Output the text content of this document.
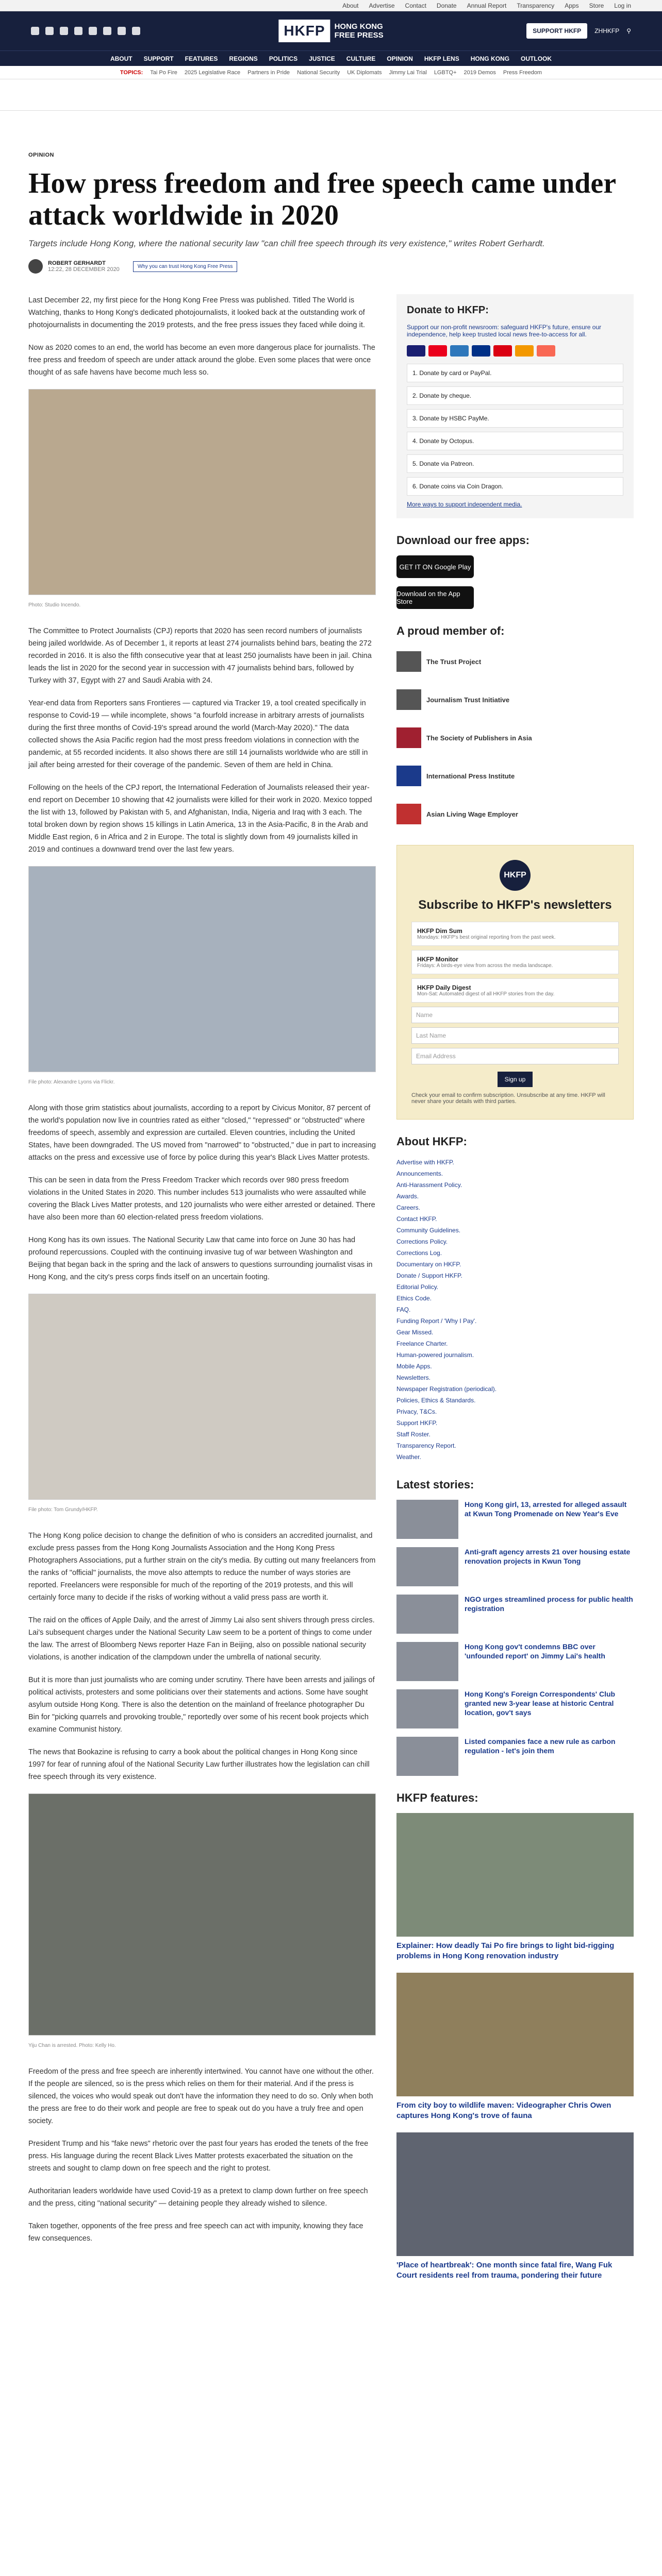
About Advertise Contact Donate Annual Report Transparency Apps Store Log in
HKFP	HONG KONG
FREE PRESS	SUPPORT HKFP	ZHHKFP ⚲
ABOUT SUPPORT FEATURES REGIONS POLITICS JUSTICE CULTURE OPINION HKFP LENS HONG KONG OUTLOOK
TOPICS: Tai Po Fire 2025 Legislative Race Partners in Pride National Security UK Diplomats Jimmy Lai Trial LGBTQ+ 2019 Demos Press Freedom
OPINION
How press freedom and free speech came under attack worldwide in 2020
Targets include Hong Kong, where the national security law "can chill free speech through its very existence," writes Robert Gerhardt.
ROBERT GERHARDT
12:22, 28 DECEMBER 2020	Why you can trust Hong Kong Free Press

Last December 22, my first piece for the Hong Kong Free Press was published. Titled The World is Watching, thanks to Hong Kong's dedicated photojournalists, it looked back at the outstanding work of photojournalists in documenting the 2019 protests, and the free press issues they faced while doing it.

Now as 2020 comes to an end, the world has become an even more dangerous place for journalists. The free press and freedom of speech are under attack around the globe. Even some places that were once thought of as safe havens have become much less so.

Photo: Studio Incendo.

The Committee to Protect Journalists (CPJ) reports that 2020 has seen record numbers of journalists being jailed worldwide. As of December 1, it reports at least 274 journalists behind bars, beating the 272 recorded in 2016. It is also the fifth consecutive year that at least 250 journalists have been in jail. China leads the list in 2020 for the second year in succession with 47 journalists behind bars, followed by Turkey with 37, Egypt with 27 and Saudi Arabia with 24.

Year-end data from Reporters sans Frontieres — captured via Tracker 19, a tool created specifically in response to Covid-19 — while incomplete, shows "a fourfold increase in arbitrary arrests of journalists during the first three months of Covid-19's spread around the world (March-May 2020)." The data collected shows the Asia Pacific region had the most press freedom violations in connection with the pandemic, at 55 recorded incidents. It also shows there are still 14 journalists worldwide who are still in jail after being arrested for their coverage of the pandemic. Seven of them are held in China.

Following on the heels of the CPJ report, the International Federation of Journalists released their year-end report on December 10 showing that 42 journalists were killed for their work in 2020. Mexico topped the list with 13, followed by Pakistan with 5, and Afghanistan, India, Nigeria and Iraq with 3 each. The total broken down by region shows 15 killings in Latin America, 13 in the Asia-Pacific, 8 in the Arab and Middle East region, 6 in Africa and 2 in Europe. The total is slightly down from 49 journalists killed in 2019 and continues a downward trend over the last few years.

File photo: Alexandre Lyons via Flickr.

Along with those grim statistics about journalists, according to a report by Civicus Monitor, 87 percent of the world's population now live in countries rated as either "closed," "repressed" or "obstructed" where freedoms of speech, assembly and expression are curtailed. Eleven countries, including the United States, have been downgraded. The US moved from "narrowed" to "obstructed," due in part to increasing attacks on the press and excessive use of force by police during this year's Black Lives Matter protests.

This can be seen in data from the Press Freedom Tracker which records over 980 press freedom violations in the United States in 2020. This number includes 513 journalists who were assaulted while covering the Black Lives Matter protests, and 120 journalists who were either arrested or detained. There have also been more than 60 election-related press freedom violations.

Hong Kong has its own issues. The National Security Law that came into force on June 30 has had profound repercussions. Coupled with the continuing invasive tug of war between Washington and Beijing that began back in the spring and the lack of answers to questions surrounding journalist visas in Hong Kong, and the city's press corps finds itself on an uncertain footing.

File photo: Tom Grundy/HKFP.

The Hong Kong police decision to change the definition of who is considers an accredited journalist, and exclude press passes from the Hong Kong Journalists Association and the Hong Kong Press Photographers Associations, put a further strain on the city's media. By cutting out many freelancers from the ranks of "official" journalists, the move also attempts to reduce the number of ways stories are reported. Freelancers were responsible for much of the reporting of the 2019 protests, and this will certainly force many to decide if the risks of working without a valid press pass are worth it.

The raid on the offices of Apple Daily, and the arrest of Jimmy Lai also sent shivers through press circles. Lai's subsequent charges under the National Security Law seem to be a portent of things to come under the law. The arrest of Bloomberg News reporter Haze Fan in Beijing, also on possible national security violations, is another indication of the clampdown under the umbrella of national security.

But it is more than just journalists who are coming under scrutiny. There have been arrests and jailings of political activists, protesters and some politicians over their statements and actions. Some have sought asylum outside Hong Kong. There is also the detention on the mainland of freelance photographer Du Bin for "picking quarrels and provoking trouble," reportedly over some of his recent book projects which examine Communist history.

The news that Bookazine is refusing to carry a book about the political changes in Hong Kong since 1997 for fear of running afoul of the National Security Law further illustrates how the legislation can chill free speech through its very existence.

Yiju Chan is arrested. Photo: Kelly Ho.

Freedom of the press and free speech are inherently intertwined. You cannot have one without the other. If the people are silenced, so is the press which relies on them for their material. And if the press is silenced, the voices who would speak out don't have the information they need to do so. Only when both the press are free to do their work and people are free to speak out do you have a truly free and open society.

President Trump and his "fake news" rhetoric over the past four years has eroded the tenets of the free press. His language during the recent Black Lives Matter protests exacerbated the situation on the streets and sought to clamp down on free speech and the right to protest.

Authoritarian leaders worldwide have used Covid-19 as a pretext to clamp down further on free speech and the press, citing "national security" — detaining people they already wished to silence.

Taken together, opponents of the free press and free speech can act with impunity, knowing they face few consequences.

Donate to HKFP:
Support our non-profit newsroom: safeguard HKFP's future, ensure our independence, help keep trusted local news free-to-access for all.
1. Donate by card or PayPal.
2. Donate by cheque.
3. Donate by HSBC PayMe.
4. Donate by Octopus.
5. Donate via Patreon.
6. Donate coins via Coin Dragon.
More ways to support independent media.
Download our free apps:
GET IT ON Google Play
Download on the App Store
A proud member of:
The Trust Project
Journalism Trust Initiative
The Society of Publishers in Asia
International Press Institute
Asian Living Wage Employer
HKFP
Subscribe to HKFP's newsletters
HKFP Dim Sum
Mondays: HKFP's best original reporting from the past week.
HKFP Monitor
Fridays: A birds-eye view from across the media landscape.
HKFP Daily Digest
Mon-Sat: Automated digest of all HKFP stories from the day.
Name
Last Name
Email Address
Sign up
Check your email to confirm subscription. Unsubscribe at any time. HKFP will never share your details with third parties.
About HKFP:
Advertise with HKFP.
Announcements.
Anti-Harassment Policy.
Awards.
Careers.
Contact HKFP.
Community Guidelines.
Corrections Policy.
Corrections Log.
Documentary on HKFP.
Donate / Support HKFP.
Editorial Policy.
Ethics Code.
FAQ.
Funding Report / 'Why I Pay'.
Gear Missed.
Freelance Charter.
Human-powered journalism.
Mobile Apps.
Newsletters.
Newspaper Registration (periodical).
Policies, Ethics & Standards.
Privacy, T&Cs.
Support HKFP.
Staff Roster.
Transparency Report.
Weather.
Latest stories:
Hong Kong girl, 13, arrested for alleged assault at Kwun Tong Promenade on New Year's Eve
Anti-graft agency arrests 21 over housing estate renovation projects in Kwun Tong
NGO urges streamlined process for public health registration
Hong Kong gov't condemns BBC over 'unfounded report' on Jimmy Lai's health
Hong Kong's Foreign Correspondents' Club granted new 3-year lease at historic Central location, gov't says
Listed companies face a new rule as carbon regulation - let's join them
HKFP features:
Explainer: How deadly Tai Po fire brings to light bid-rigging problems in Hong Kong renovation industry
From city boy to wildlife maven: Videographer Chris Owen captures Hong Kong's trove of fauna
'Place of heartbreak': One month since fatal fire, Wang Fuk Court residents reel from trauma, pondering their future
